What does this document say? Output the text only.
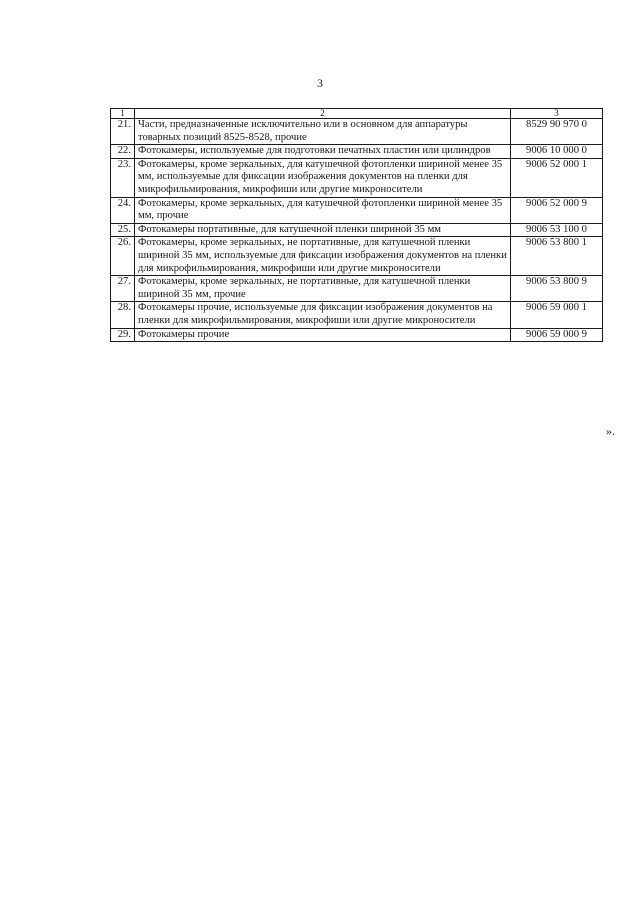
3
1	2	3
21.	Части, предназначенные исключительно или в основном для аппаратуры товарных позиций 8525-8528, прочие	8529 90 970 0
22.	Фотокамеры, используемые для подготовки печатных пластин или цилиндров	9006 10 000 0
23.	Фотокамеры, кроме зеркальных, для катушечной фотопленки шириной менее 35 мм, используемые для фиксации изображения документов на пленки для микрофильмирования, микрофиши или другие микроносители	9006 52 000 1
24.	Фотокамеры, кроме зеркальных, для катушечной фотопленки шириной менее 35 мм, прочие	9006 52 000 9
25.	Фотокамеры портативные, для катушечной пленки шириной 35 мм	9006 53 100 0
26.	Фотокамеры, кроме зеркальных, не портативные, для катушечной пленки шириной 35 мм, используемые для фиксации изображения документов на пленки для микрофильмирования, микрофиши или другие микроносители	9006 53 800 1
27.	Фотокамеры, кроме зеркальных, не портативные, для катушечной пленки шириной 35 мм, прочие	9006 53 800 9
28.	Фотокамеры прочие, используемые для фиксации изображения документов на пленки для микрофильмирования, микрофиши или другие микроносители	9006 59 000 1
29.	Фотокамеры прочие	9006 59 000 9
».
